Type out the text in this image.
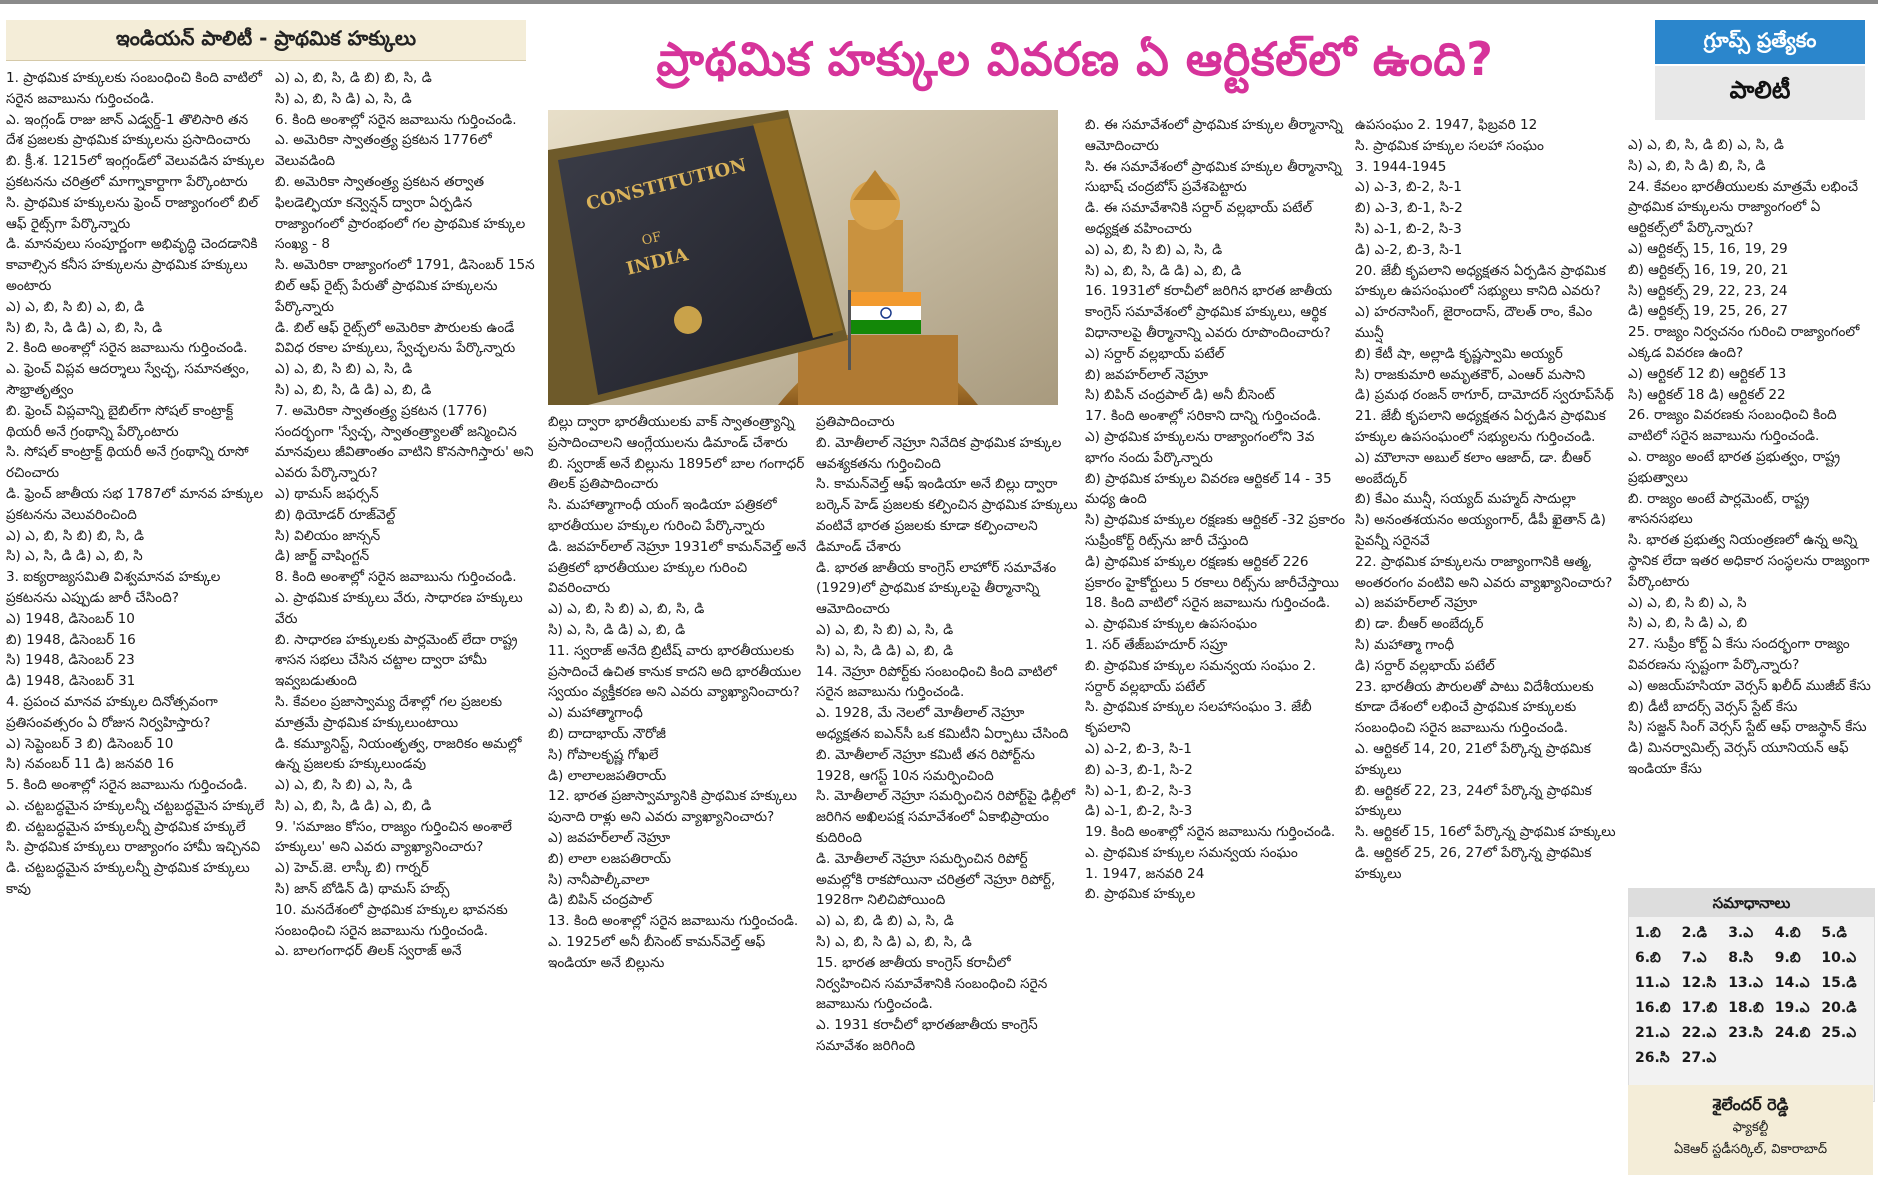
ఇండియన్ పాలిటీ - ప్రాథమిక హక్కులు	ప్రాథమిక హక్కుల వివరణ ఏ ఆర్టికల్‌లో ఉంది?	గ్రూప్స్ ప్రత్యేకం
పాలిటీ
CONSTITUTION
OF
INDIA
1. ప్రాథమిక హక్కులకు సంబంధించి కింది వాటిలో సరైన జవాబును గుర్తించండి.
ఎ. ఇంగ్లండ్ రాజు జాన్ ఎడ్వర్డ్-1 తొలిసారి తన దేశ ప్రజలకు ప్రాథమిక హక్కులను ప్రసాదించారు
బి. క్రీ.శ. 1215లో ఇంగ్లండ్‌లో వెలువడిన హక్కుల ప్రకటనను చరిత్రలో మాగ్నాకార్టాగా పేర్కొంటారు
సి. ప్రాథమిక హక్కులను ఫ్రెంచ్ రాజ్యాంగంలో బిల్ ఆఫ్ రైట్స్‌గా పేర్కొన్నారు
డి. మానవులు సంపూర్ణంగా అభివృద్ధి చెందడానికి కావాల్సిన కనీస హక్కులను ప్రాథమిక హక్కులు అంటారు
ఎ) ఎ, బి, సి బి) ఎ, బి, డి
సి) బి, సి, డి డి) ఎ, బి, సి, డి
2. కింది అంశాల్లో సరైన జవాబును గుర్తించండి.
ఎ. ఫ్రెంచ్ విప్లవ ఆదర్శాలు స్వేచ్ఛ, సమానత్వం, సౌభ్రాతృత్వం
బి. ఫ్రెంచ్ విప్లవాన్ని బైబిల్‌గా సోషల్ కాంట్రాక్ట్ థియరీ అనే గ్రంథాన్ని పేర్కొంటారు
సి. సోషల్ కాంట్రాక్ట్ థియరీ అనే గ్రంథాన్ని రూసో రచించారు
డి. ఫ్రెంచ్ జాతీయ సభ 1787లో మానవ హక్కుల ప్రకటనను వెలువరించింది
ఎ) ఎ, బి, సి బి) బి, సి, డి
సి) ఎ, సి, డి డి) ఎ, బి, సి
3. ఐక్యరాజ్యసమితి విశ్వమానవ హక్కుల ప్రకటనను ఎప్పుడు జారీ చేసింది?
ఎ) 1948, డిసెంబర్ 10
బి) 1948, డిసెంబర్ 16
సి) 1948, డిసెంబర్ 23
డి) 1948, డిసెంబర్ 31
4. ప్రపంచ మానవ హక్కుల దినోత్సవంగా ప్రతిసంవత్సరం ఏ రోజున నిర్వహిస్తారు?
ఎ) సెప్టెంబర్ 3 బి) డిసెంబర్ 10
సి) నవంబర్ 11 డి) జనవరి 16
5. కింది అంశాల్లో సరైన జవాబును గుర్తించండి.
ఎ. చట్టబద్ధమైన హక్కులన్నీ చట్టబద్ధమైన హక్కులే
బి. చట్టబద్ధమైన హక్కులన్నీ ప్రాథమిక హక్కులే
సి. ప్రాథమిక హక్కులు రాజ్యాంగం హామీ ఇచ్చినవి
డి. చట్టబద్ధమైన హక్కులన్నీ ప్రాథమిక హక్కులు కావు
ఎ) ఎ, బి, సి, డి బి) బి, సి, డి
సి) ఎ, బి, సి డి) ఎ, సి, డి
6. కింది అంశాల్లో సరైన జవాబును గుర్తించండి.
ఎ. అమెరికా స్వాతంత్ర్య ప్రకటన 1776లో వెలువడింది
బి. అమెరికా స్వాతంత్ర్య ప్రకటన తర్వాత ఫిలడెల్ఫియా కన్వెన్షన్ ద్వారా ఏర్పడిన రాజ్యాంగంలో ప్రారంభంలో గల ప్రాథమిక హక్కుల సంఖ్య - 8
సి. అమెరికా రాజ్యాంగంలో 1791, డిసెంబర్ 15న బిల్ ఆఫ్ రైట్స్ పేరుతో ప్రాథమిక హక్కులను పేర్కొన్నారు
డి. బిల్ ఆఫ్ రైట్స్‌లో అమెరికా పౌరులకు ఉండే వివిధ రకాల హక్కులు, స్వేచ్ఛలను పేర్కొన్నారు
ఎ) ఎ, బి, సి బి) ఎ, సి, డి
సి) ఎ, బి, సి, డి డి) ఎ, బి, డి
7. అమెరికా స్వాతంత్ర్య ప్రకటన (1776) సందర్భంగా 'స్వేచ్ఛ, స్వాతంత్ర్యాలతో జన్మించిన మానవులు జీవితాంతం వాటిని కొనసాగిస్తారు' అని ఎవరు పేర్కొన్నారు?
ఎ) థామస్ జఫర్సన్
బి) థియోడర్ రూజ్‌వెల్ట్
సి) విలియం జాన్సన్
డి) జార్జ్ వాషింగ్టన్
8. కింది అంశాల్లో సరైన జవాబును గుర్తించండి.
ఎ. ప్రాథమిక హక్కులు వేరు, సాధారణ హక్కులు వేరు
బి. సాధారణ హక్కులకు పార్లమెంట్ లేదా రాష్ట్ర శాసన సభలు చేసిన చట్టాల ద్వారా హామీ ఇవ్వబడుతుంది
సి. కేవలం ప్రజాస్వామ్య దేశాల్లో గల ప్రజలకు మాత్రమే ప్రాథమిక హక్కులుంటాయి
డి. కమ్యూనిస్ట్, నియంతృత్వ, రాజరికం అమల్లో ఉన్న ప్రజలకు హక్కులుండవు
ఎ) ఎ, బి, సి బి) ఎ, సి, డి
సి) ఎ, బి, సి, డి డి) ఎ, బి, డి
9. 'సమాజం కోసం, రాజ్యం గుర్తించిన అంశాలే హక్కులు' అని ఎవరు వ్యాఖ్యానించారు?
ఎ) హెచ్.జె. లాస్కీ బి) గార్నర్
సి) జాన్ బోడిన్ డి) థామస్ హబ్స్
10. మనదేశంలో ప్రాథమిక హక్కుల భావనకు సంబంధించి సరైన జవాబును గుర్తించండి.
ఎ. బాలగంగాధర్ తిలక్ స్వరాజ్ అనే
బిల్లు ద్వారా భారతీయులకు వాక్ స్వాతంత్ర్యాన్ని ప్రసాదించాలని ఆంగ్లేయులను డిమాండ్ చేశారు
బి. స్వరాజ్ అనే బిల్లును 1895లో బాల గంగాధర్ తిలక్ ప్రతిపాదించారు
సి. మహాత్మాగాంధీ యంగ్ ఇండియా పత్రికలో భారతీయుల హక్కుల గురించి పేర్కొన్నారు
డి. జవహర్‌లాల్ నెహ్రూ 1931లో కామన్‌వెల్త్ అనే పత్రికలో భారతీయుల హక్కుల గురించి వివరించారు
ఎ) ఎ, బి, సి బి) ఎ, బి, సి, డి
సి) ఎ, సి, డి డి) ఎ, బి, డి
11. స్వరాజ్ అనేది బ్రిటీష్ వారు భారతీయులకు ప్రసాదించే ఉచిత కానుక కాదని అది భారతీయుల స్వయం వ్యక్తీకరణ అని ఎవరు వ్యాఖ్యానించారు?
ఎ) మహాత్మాగాంధీ
బి) దాదాభాయ్ నౌరోజీ
సి) గోపాలకృష్ణ గోఖలే
డి) లాలాలజపతిరాయ్
12. భారత ప్రజాస్వామ్యానికి ప్రాథమిక హక్కులు పునాది రాళ్లు అని ఎవరు వ్యాఖ్యానించారు?
ఎ) జవహర్‌లాల్ నెహ్రూ
బి) లాలా లజపతిరాయ్
సి) నానీపాల్కీవాలా
డి) బిపిన్ చంద్రపాల్
13. కింది అంశాల్లో సరైన జవాబును గుర్తించండి.
ఎ. 1925లో అనీ బీసెంట్ కామన్‌వెల్త్ ఆఫ్ ఇండియా అనే బిల్లును
ప్రతిపాదించారు
బి. మోతీలాల్ నెహ్రూ నివేదిక ప్రాథమిక హక్కుల ఆవశ్యకతను గుర్తించింది
సి. కామన్‌వెల్త్ ఆఫ్ ఇండియా అనే బిల్లు ద్వారా బర్కెన్ హెడ్ ప్రజలకు కల్పించిన ప్రాథమిక హక్కులు వంటివే భారత ప్రజలకు కూడా కల్పించాలని డిమాండ్ చేశారు
డి. భారత జాతీయ కాంగ్రెస్ లాహోర్ సమావేశం (1929)లో ప్రాథమిక హక్కులపై తీర్మానాన్ని ఆమోదించారు
ఎ) ఎ, బి, సి బి) ఎ, సి, డి
సి) ఎ, సి, డి డి) ఎ, బి, డి
14. నెహ్రూ రిపోర్ట్‌కు సంబంధించి కింది వాటిలో సరైన జవాబును గుర్తించండి.
ఎ. 1928, మే నెలలో మోతీలాల్ నెహ్రూ అధ్యక్షతన ఐఎన్‌సీ ఒక కమిటీని ఏర్పాటు చేసింది
బి. మోతీలాల్ నెహ్రూ కమిటీ తన రిపోర్ట్‌ను 1928, ఆగస్ట్ 10న సమర్పించింది
సి. మోతీలాల్ నెహ్రూ సమర్పించిన రిపోర్ట్‌పై ఢిల్లీలో జరిగిన అఖిలపక్ష సమావేశంలో ఏకాభిప్రాయం కుదిరింది
డి. మోతీలాల్ నెహ్రూ సమర్పించిన రిపోర్ట్ అమల్లోకి రాకపోయినా చరిత్రలో నెహ్రూ రిపోర్ట్, 1928గా నిలిచిపోయింది
ఎ) ఎ, బి, డి బి) ఎ, సి, డి
సి) ఎ, బి, సి డి) ఎ, బి, సి, డి
15. భారత జాతీయ కాంగ్రెస్ కరాచీలో నిర్వహించిన సమావేశానికి సంబంధించి సరైన జవాబును గుర్తించండి.
ఎ. 1931 కరాచీలో భారతజాతీయ కాంగ్రెస్ సమావేశం జరిగింది
బి. ఈ సమావేశంలో ప్రాథమిక హక్కుల తీర్మానాన్ని ఆమోదించారు
సి. ఈ సమావేశంలో ప్రాథమిక హక్కుల తీర్మానాన్ని సుభాష్ చంద్రబోస్ ప్రవేశపెట్టారు
డి. ఈ సమావేశానికి సర్దార్ వల్లభాయ్ పటేల్ అధ్యక్షత వహించారు
ఎ) ఎ, బి, సి బి) ఎ, సి, డి
సి) ఎ, బి, సి, డి డి) ఎ, బి, డి
16. 1931లో కరాచీలో జరిగిన భారత జాతీయ కాంగ్రెస్ సమావేశంలో ప్రాథమిక హక్కులు, ఆర్థిక విధానాలపై తీర్మానాన్ని ఎవరు రూపొందించారు?
ఎ) సర్దార్ వల్లభాయ్ పటేల్
బి) జవహర్‌లాల్ నెహ్రూ
సి) బిపిన్ చంద్రపాల్ డి) అనీ బీసెంట్
17. కింది అంశాల్లో సరికాని దాన్ని గుర్తించండి.
ఎ) ప్రాథమిక హక్కులను రాజ్యాంగంలోని 3వ భాగం నందు పేర్కొన్నారు
బి) ప్రాథమిక హక్కుల వివరణ ఆర్టికల్ 14 - 35 మధ్య ఉంది
సి) ప్రాథమిక హక్కుల రక్షణకు ఆర్టికల్ -32 ప్రకారం సుప్రీంకోర్ట్ రిట్స్‌ను జారీ చేస్తుంది
డి) ప్రాథమిక హక్కుల రక్షణకు ఆర్టికల్ 226 ప్రకారం హైకోర్టులు 5 రకాలు రిట్స్‌ను జారీచేస్తాయి
18. కింది వాటిలో సరైన జవాబును గుర్తించండి.
ఎ. ప్రాథమిక హక్కుల ఉపసంఘం
1. సర్ తేజ్‌బహదూర్ సప్రూ
బి. ప్రాథమిక హక్కుల సమన్వయ సంఘం 2. సర్దార్ వల్లభాయ్ పటేల్
సి. ప్రాథమిక హక్కుల సలహాసంఘం 3. జేబీ కృపలాని
ఎ) ఎ-2, బి-3, సి-1
బి) ఎ-3, బి-1, సి-2
సి) ఎ-1, బి-2, సి-3
డి) ఎ-1, బి-2, సి-3
19. కింది అంశాల్లో సరైన జవాబును గుర్తించండి.
ఎ. ప్రాథమిక హక్కుల సమన్వయ సంఘం
1. 1947, జనవరి 24
బి. ప్రాథమిక హక్కుల
ఉపసంఘం 2. 1947, ఫిబ్రవరి 12
సి. ప్రాథమిక హక్కుల సలహా సంఘం
3. 1944-1945
ఎ) ఎ-3, బి-2, సి-1
బి) ఎ-3, బి-1, సి-2
సి) ఎ-1, బి-2, సి-3
డి) ఎ-2, బి-3, సి-1
20. జేబీ కృపలాని అధ్యక్షతన ఏర్పడిన ప్రాథమిక హక్కుల ఉపసంఘంలో సభ్యులు కానిది ఎవరు?
ఎ) హరనాసింగ్, జైరాందాస్, దౌలత్ రాం, కేఎం మున్షీ
బి) కేటీ షా, అల్లాడి కృష్ణస్వామి అయ్యర్
సి) రాజకుమారి అమృతకౌర్, ఎంఆర్ మసాని
డి) ప్రమథ రంజన్ ఠాగూర్, దామోదర్ స్వరూప్‌సేథ్
21. జేబీ కృపలాని అధ్యక్షతన ఏర్పడిన ప్రాథమిక హక్కుల ఉపసంఘంలో సభ్యులను గుర్తించండి.
ఎ) మౌలానా అబుల్ కలాం ఆజాద్, డా. బీఆర్ అంబేద్కర్
బి) కేఎం మున్షీ, సయ్యద్ మహ్మద్ సాదుల్లా
సి) అనంతశయనం అయ్యంగార్, డీపీ ఖైతాన్ డి) పైవన్నీ సరైనవే
22. ప్రాథమిక హక్కులను రాజ్యాంగానికి ఆత్మ, అంతరంగం వంటివి అని ఎవరు వ్యాఖ్యానించారు?
ఎ) జవహర్‌లాల్ నెహ్రూ
బి) డా. బీఆర్ అంబేద్కర్
సి) మహాత్మా గాంధీ
డి) సర్దార్ వల్లభాయ్ పటేల్
23. భారతీయ పౌరులతో పాటు విదేశీయులకు కూడా దేశంలో లభించే ప్రాథమిక హక్కులకు సంబంధించి సరైన జవాబును గుర్తించండి.
ఎ. ఆర్టికల్ 14, 20, 21లో పేర్కొన్న ప్రాథమిక హక్కులు
బి. ఆర్టికల్ 22, 23, 24లో పేర్కొన్న ప్రాథమిక హక్కులు
సి. ఆర్టికల్ 15, 16లో పేర్కొన్న ప్రాథమిక హక్కులు
డి. ఆర్టికల్ 25, 26, 27లో పేర్కొన్న ప్రాథమిక హక్కులు
ఎ) ఎ, బి, సి, డి బి) ఎ, సి, డి
సి) ఎ, బి, సి డి) బి, సి, డి
24. కేవలం భారతీయులకు మాత్రమే లభించే ప్రాథమిక హక్కులను రాజ్యాంగంలో ఏ ఆర్టికల్స్‌లో పేర్కొన్నారు?
ఎ) ఆర్టికల్స్ 15, 16, 19, 29
బి) ఆర్టికల్స్ 16, 19, 20, 21
సి) ఆర్టికల్స్ 29, 22, 23, 24
డి) ఆర్టికల్స్ 19, 25, 26, 27
25. రాజ్యం నిర్వచనం గురించి రాజ్యాంగంలో ఎక్కడ వివరణ ఉంది?
ఎ) ఆర్టికల్ 12 బి) ఆర్టికల్ 13
సి) ఆర్టికల్ 18 డి) ఆర్టికల్ 22
26. రాజ్యం వివరణకు సంబంధించి కింది వాటిలో సరైన జవాబును గుర్తించండి.
ఎ. రాజ్యం అంటే భారత ప్రభుత్వం, రాష్ట్ర ప్రభుత్వాలు
బి. రాజ్యం అంటే పార్లమెంట్, రాష్ట్ర శాసనసభలు
సి. భారత ప్రభుత్వ నియంత్రణలో ఉన్న అన్ని స్థానిక లేదా ఇతర అధికార సంస్థలను రాజ్యంగా పేర్కొంటారు
ఎ) ఎ, బి, సి బి) ఎ, సి
సి) ఎ, బి, సి డి) ఎ, బి
27. సుప్రీం కోర్ట్ ఏ కేసు సందర్భంగా రాజ్యం వివరణను స్పష్టంగా పేర్కొన్నారు?
ఎ) అజయ్‌హసియా వెర్సస్ ఖలీద్ ముజీబ్ కేసు
బి) డీటీ బాదర్స్ వెర్సస్ స్టేట్ కేసు
సి) సజ్జన్ సింగ్ వెర్సస్ స్టేట్ ఆఫ్ రాజస్థాన్ కేసు
డి) మినర్వామిల్స్ వెర్సస్ యూనియన్ ఆఫ్ ఇండియా కేసు
సమాధానాలు
1.బి	2.డి	3.ఎ	4.బి	5.డి
6.బి	7.ఎ	8.సి	9.బి	10.ఎ
11.ఎ 12.సి 13.ఎ 14.ఎ 15.డి
16.బి 17.బి 18.బి 19.ఎ 20.డి
21.ఎ 22.ఎ 23.సి 24.బి 25.ఎ
26.సి 27.ఎ
శైలేందర్ రెడ్డి
ఫ్యాకల్టీ
ఏకెఆర్ స్టడీసర్కిల్, వికారాబాద్
